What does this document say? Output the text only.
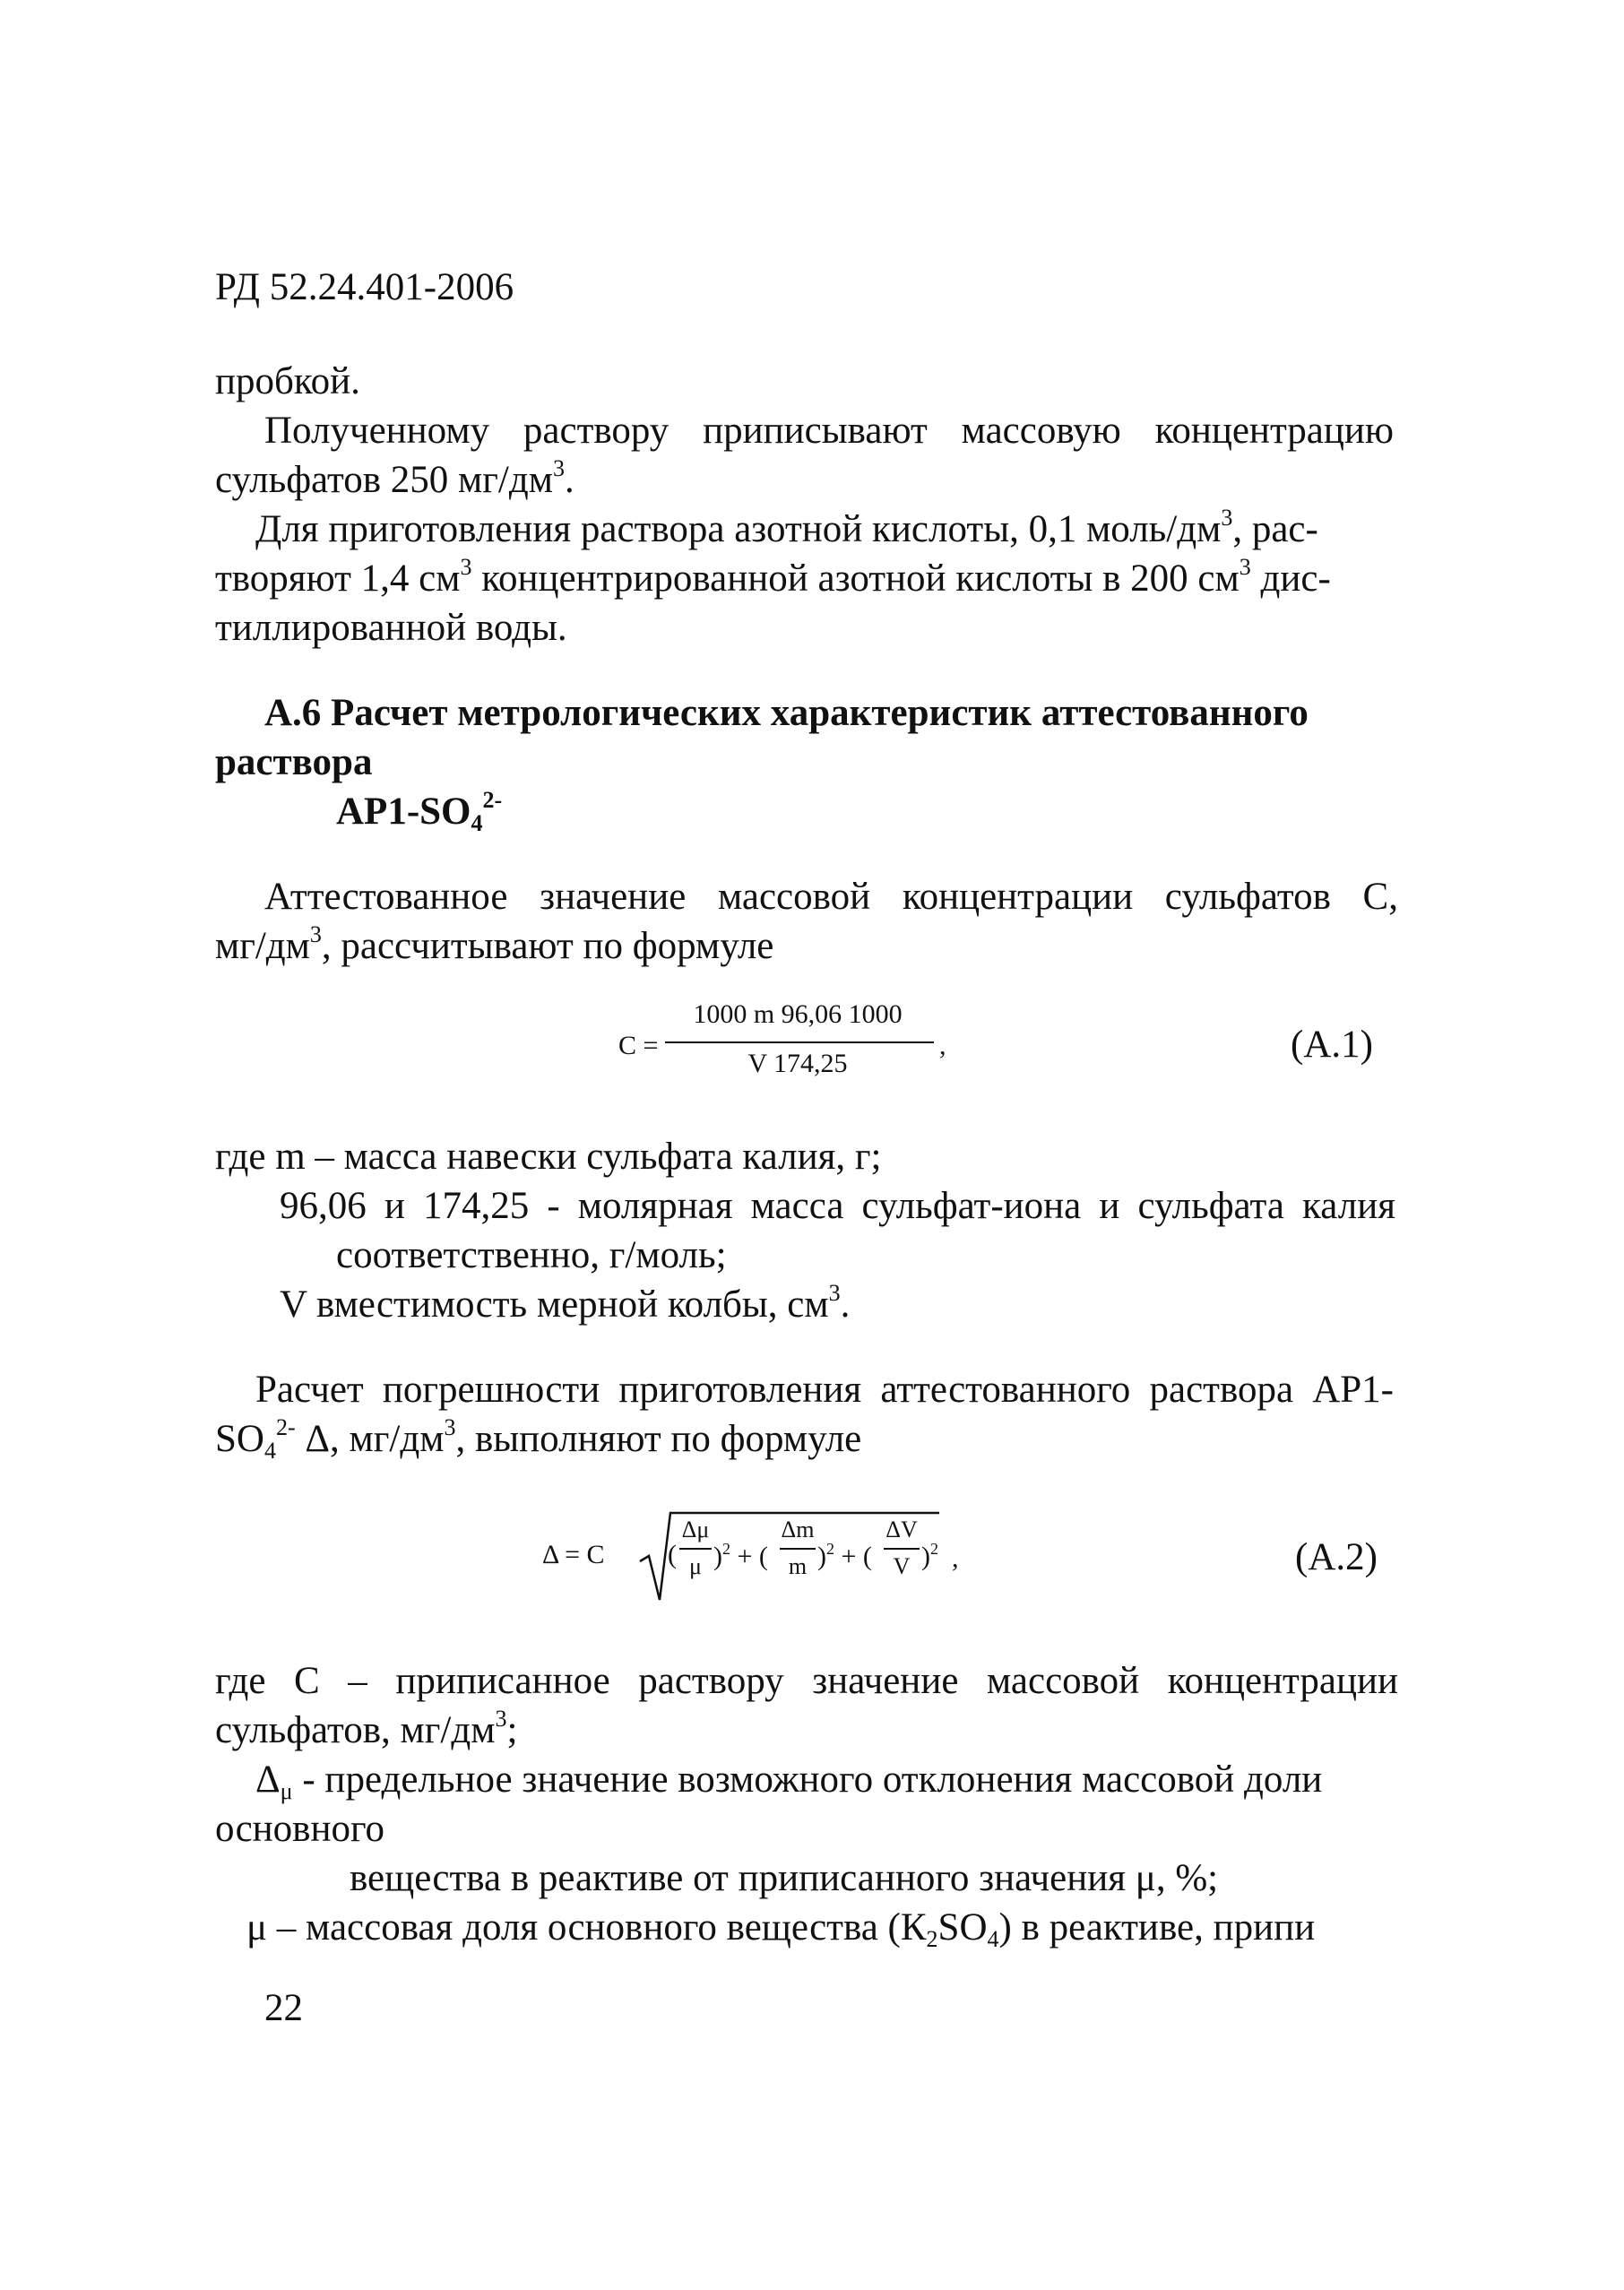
РД 52.24.401-2006
пробкой.
Полученному раствору приписывают массовую концентрацию
сульфатов 250 $мг/дм^3$.
Для приготовления раствора азотной кислоты, 0,1 моль/$дм^3$, рас-
творяют 1,4 $см^3$ концентрированной азотной кислоты в 200 $см^3$ дис-
тиллированной воды.
А.6 Расчет метрологических характеристик аттестованного
раствора
$АР1-SO_4^{2-}$
Аттестованное значение массовой концентрации сульфатов С,
$мг/дм^3$, рассчитывают по формуле
C =
1000 m 96,06 1000
V 174,25
,	(А.1)
где m – масса навески сульфата калия, г;
96,06 и 174,25 - молярная масса сульфат-иона и сульфата калия
соответственно, г/моль;
V вместимость мерной колбы, $см^3$.
Расчет погрешности приготовления аттестованного раствора АР1-
$SO_4^{2-}$ Δ, $мг/дм^3$, выполняют по формуле
Δ = C (
Δμ
μ )$^2$ + (
Δm
m )$^2$ + (
ΔV
V )$^2$ ,	(А.2)
где С – приписанное раствору значение массовой концентрации
сульфатов, $мг/дм^3$;
$\Delta_\mu$ - предельное значение возможного отклонения массовой доли
основного
вещества в реактиве от приписанного значения μ, %;
μ – массовая доля основного вещества $(К_2SO_4)$ в реактиве, припи
22
